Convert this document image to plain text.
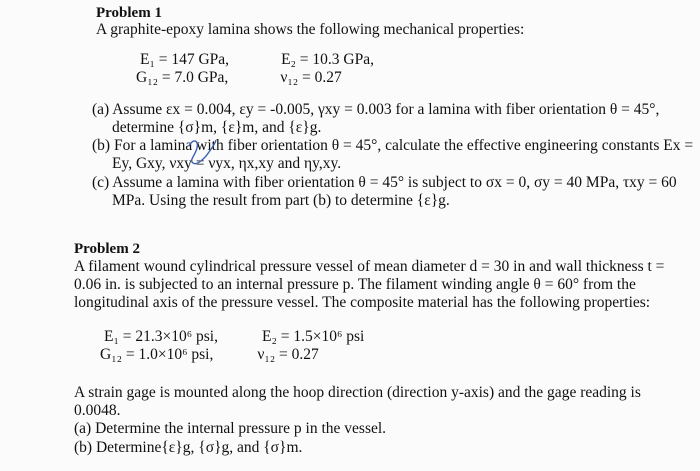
Problem 1
A graphite-epoxy lamina shows the following mechanical properties:
E₁ = 147 GPa,	E₂ = 10.3 GPa,
G₁₂ = 7.0 GPa,	ν₁₂ = 0.27
(a) Assume εx = 0.004, εy = -0.005, γxy = 0.003 for a lamina with fiber orientation θ = 45°,
determine {σ}m, {ε}m, and {ε}g.
(b) For a lamina with fiber orientation θ = 45°, calculate the effective engineering constants Ex =
Ey, Gxy, νxy = νyx, ηx,xy and ηy,xy.
(c) Assume a lamina with fiber orientation θ = 45° is subject to σx = 0, σy = 40 MPa, τxy = 60
MPa. Using the result from part (b) to determine {ε}g.
Problem 2
A filament wound cylindrical pressure vessel of mean diameter d = 30 in and wall thickness t =
0.06 in. is subjected to an internal pressure p. The filament winding angle θ = 60° from the
longitudinal axis of the pressure vessel. The composite material has the following properties:
E₁ = 21.3×10⁶ psi,	E₂ = 1.5×10⁶ psi
G₁₂ = 1.0×10⁶ psi,	ν₁₂ = 0.27
A strain gage is mounted along the hoop direction (direction y-axis) and the gage reading is
0.0048.
(a) Determine the internal pressure p in the vessel.
(b) Determine{ε}g, {σ}g, and {σ}m.
